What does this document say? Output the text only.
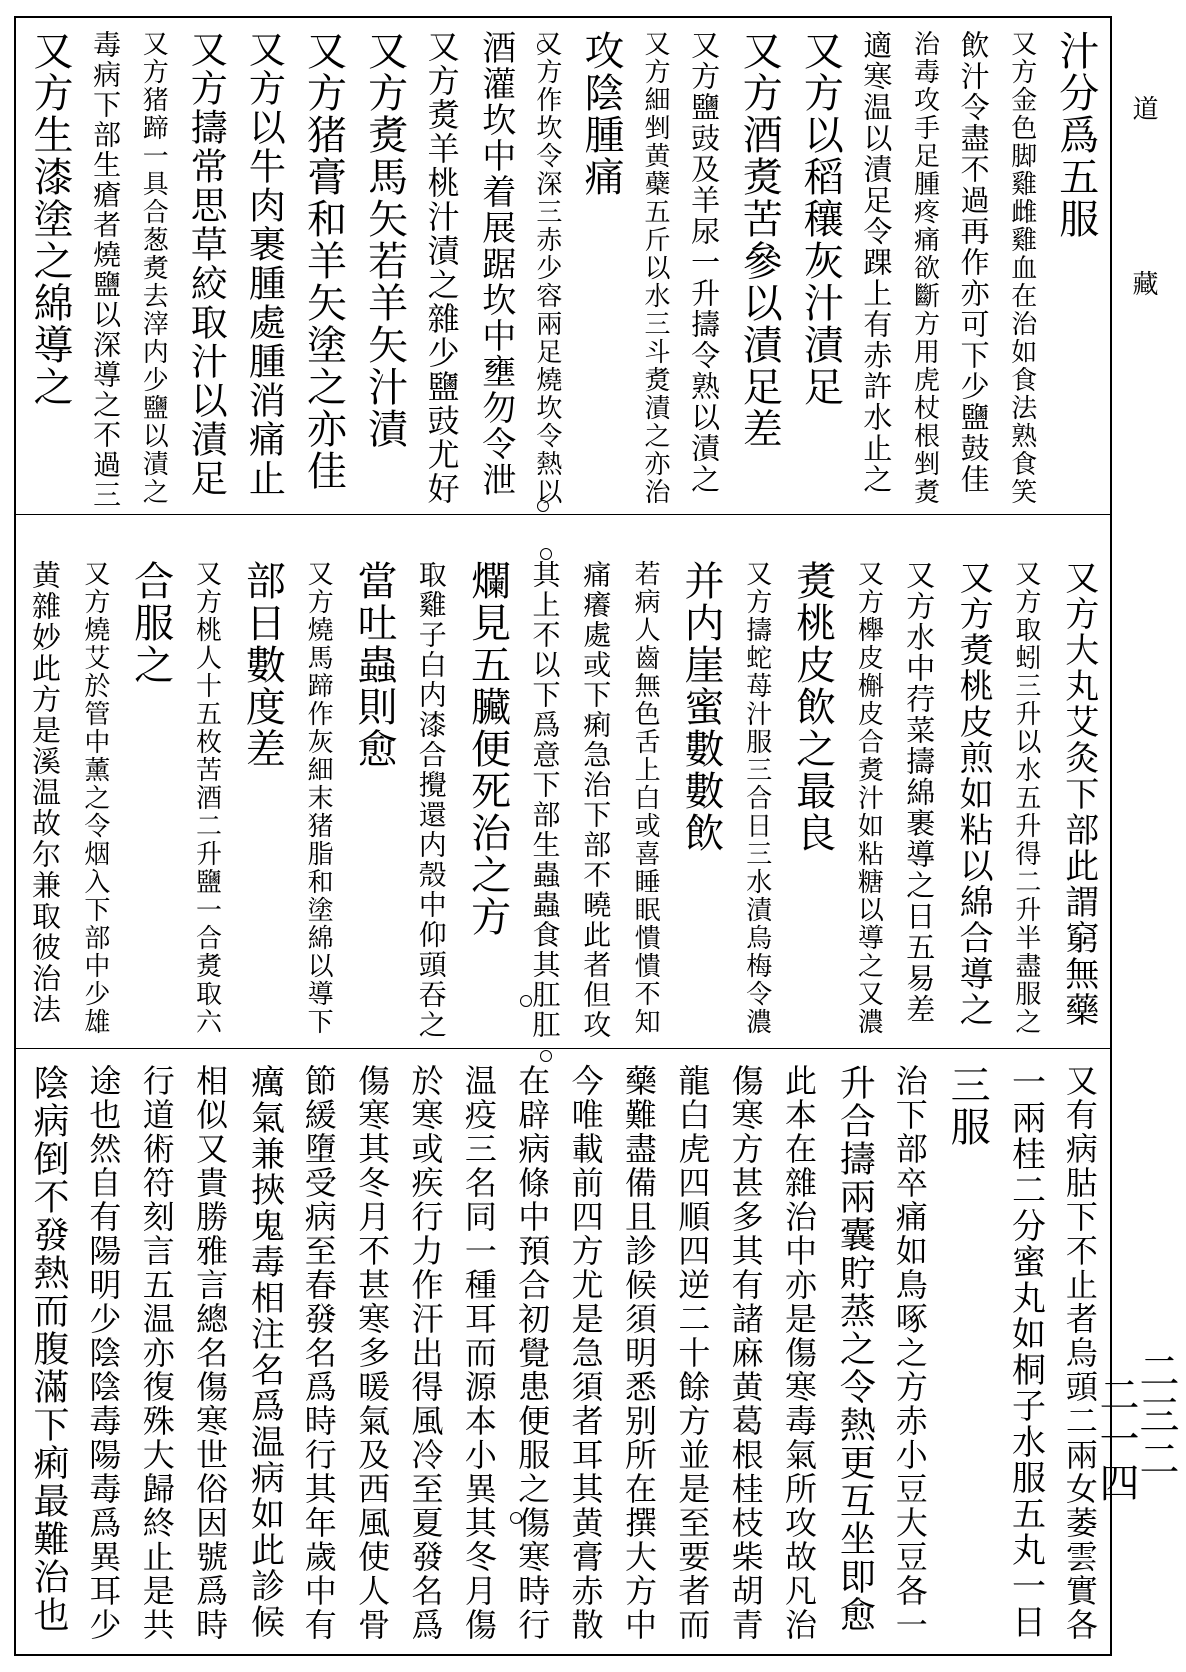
道
藏
二三二
二一四
汁分爲五服
又方金色脚雞雌雞血在治如食法熟食笑
飲汁令盡不過再作亦可下少鹽鼓佳
治毒攻手足腫疼痛欲斷方用虎杖根剉煑
適寒温以漬足令踝上有赤許水止之
又方以稻穰灰汁漬足
又方酒煑苦參以漬足差
又方鹽豉及羊尿一升擣令熟以漬之
又方細剉黄蘗五斤以水三斗煑漬之亦治
攻陰腫痛
又方作坎令深三赤少容兩足燒坎令熱以
酒灌坎中着展踞坎中壅勿令泄
又方煑羊桃汁漬之雜少鹽豉尤好
又方煑馬矢若羊矢汁漬
又方猪膏和羊矢塗之亦佳
又方以牛肉裹腫處腫消痛止
又方擣常思草絞取汁以漬足
又方猪蹄一具合葱煑去滓内少鹽以漬之
毒病下部生瘡者燒鹽以深導之不過三
又方生漆塗之綿導之
又方大丸艾灸下部此謂窮無藥
又方取蚓三升以水五升得二升半盡服之
又方煑桃皮煎如粘以綿合導之
又方水中荇菜擣綿裹導之日五易差
又方櫸皮槲皮合煑汁如粘糖以導之又濃
煑桃皮飲之最良
又方擣蛇苺汁服三合日三水漬烏梅令濃
并内崖蜜數數飲
若病人齒無色舌上白或喜睡眠憒憒不知
痛癢處或下痢急治下部不曉此者但攻
其上不以下爲意下部生蟲蟲食其肛肛
爛見五臟便死治之方
取雞子白内漆合攪還内殼中仰頭吞之
當吐蟲則愈
又方燒馬蹄作灰細末猪脂和塗綿以導下
部日數度差
又方桃人十五枚苦酒二升鹽一合煑取六
合服之
又方燒艾於管中薰之令烟入下部中少雄
黄雜妙此方是溪温故尔兼取彼治法
又有病𦙶下不止者烏頭二兩女萎雲實各
一兩桂二分蜜丸如桐子水服五丸一日
三服
治下部卒痛如鳥啄之方赤小豆大豆各一
升合擣兩囊貯蒸之令熱更互坐即愈
此本在雜治中亦是傷寒毒氣所攻故凡治
傷寒方甚多其有諸麻黄葛根桂枝柴胡青
龍白虎四順四逆二十餘方並是至要者而
藥難盡備且診候須明悉别所在撰大方中
今唯載前四方尤是急須者耳其黄膏赤散
在辟病條中預合初覺患便服之傷寒時行
温疫三名同一種耳而源本小異其冬月傷
於寒或疾行力作汗出得風冷至夏發名爲
傷寒其冬月不甚寒多暖氣及西風使人骨
節緩墮受病至春發名爲時行其年歲中有
癘氣兼挾鬼毒相注名爲温病如此診候
相似又貴勝雅言總名傷寒世俗因號爲時
行道術符刻言五温亦復殊大歸終止是共
途也然自有陽明少陰陰毒陽毒爲異耳少
陰病倒不發熱而腹滿下痢最難治也
